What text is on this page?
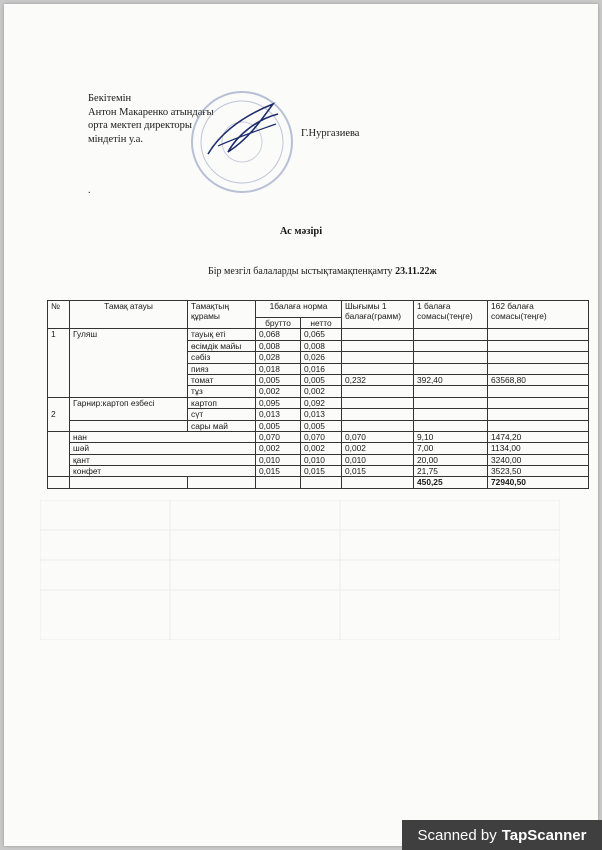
Бекітемін
Антон Макаренко атындағы
орта мектеп директоры
міндетін у.а.	Г.Нургазиева
.
Ас мәзірі
Бір мезгіл балаларды ыстықтамақпенқамту 23.11.22ж
№	Тамақ атауы	Тамақтың құрамы	1балаға норма		Шығымы 1 балаға(грамм)	1 балаға сомасы(теңге)	162 балаға сомасы(теңге)
			брутто	нетто			
1	Гуляш	тауық еті	0,068	0,065			
		өсімдік майы	0,008	0,008			
		сәбіз	0,028	0,026			
		пияз	0,018	0,016			
		томат	0,005	0,005	0,232	392,40	63568,80
		тұз	0,002	0,002			
2	Гарнир:картоп езбесі	картоп	0,095	0,092			
		сүт	0,013	0,013			
		сары май	0,005	0,005			
	нан		0,070	0,070	0,070	9,10	1474,20
	шәй		0,002	0,002	0,002	7,00	1134,00
	қант		0,010	0,010	0,010	20,00	3240,00
	конфет		0,015	0,015	0,015	21,75	3523,50
						450,25	72940,50
Scanned by TapScanner
